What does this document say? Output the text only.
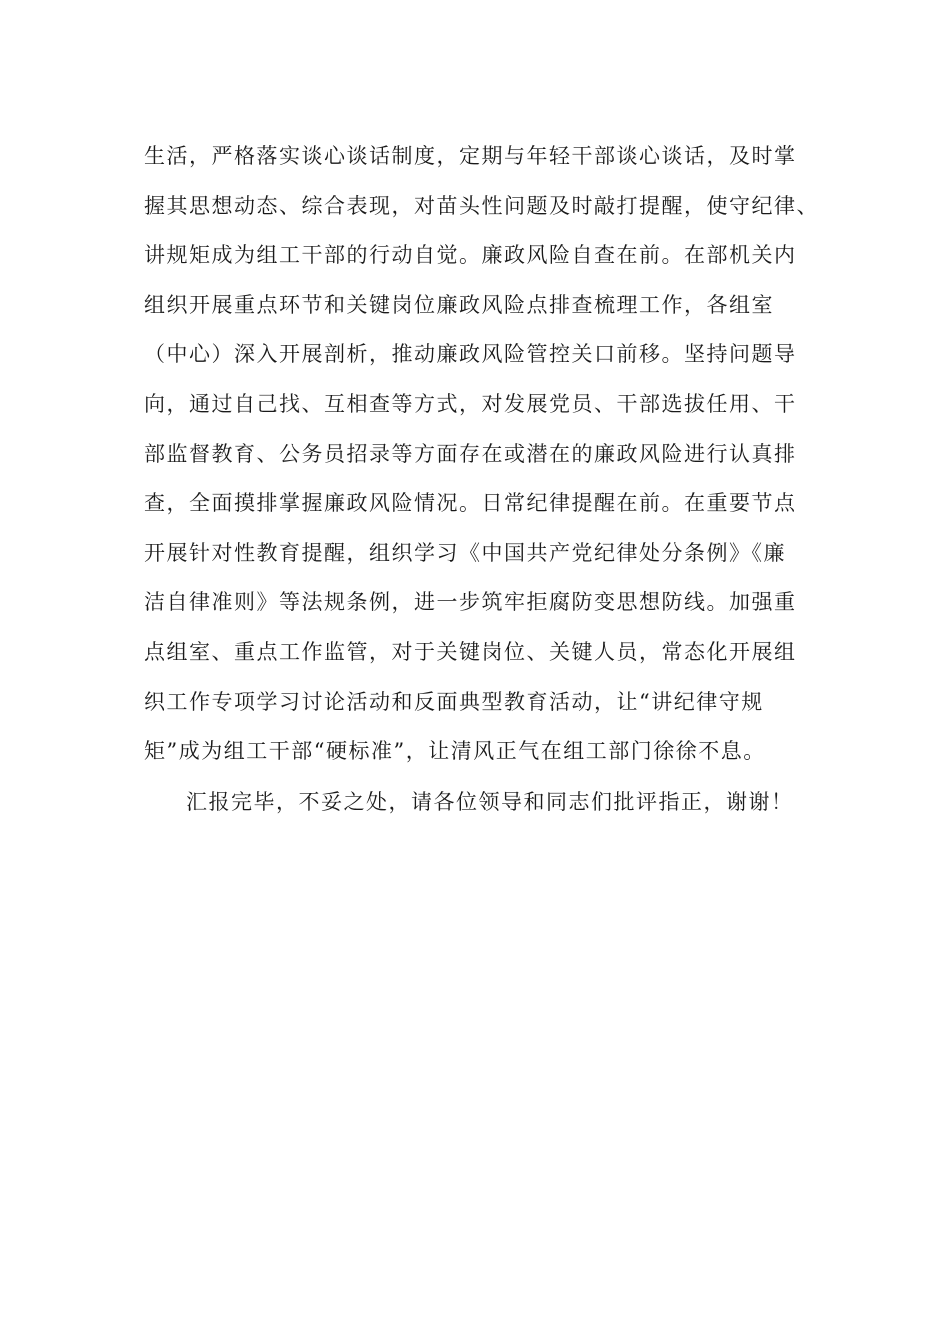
生活，严格落实谈心谈话制度，定期与年轻干部谈心谈话，及时掌
握其思想动态、综合表现，对苗头性问题及时敲打提醒，使守纪律、
讲规矩成为组工干部的行动自觉。廉政风险自查在前。在部机关内
组织开展重点环节和关键岗位廉政风险点排查梳理工作，各组室
（中心）深入开展剖析，推动廉政风险管控关口前移。坚持问题导
向，通过自己找、互相查等方式，对发展党员、干部选拔任用、干
部监督教育、公务员招录等方面存在或潜在的廉政风险进行认真排
查，全面摸排掌握廉政风险情况。日常纪律提醒在前。在重要节点
开展针对性教育提醒，组织学习《中国共产党纪律处分条例》《廉
洁自律准则》等法规条例，进一步筑牢拒腐防变思想防线。加强重
点组室、重点工作监管，对于关键岗位、关键人员，常态化开展组
织工作专项学习讨论活动和反面典型教育活动，让“讲纪律守规
矩”成为组工干部“硬标准”，让清风正气在组工部门徐徐不息。
汇报完毕，不妥之处，请各位领导和同志们批评指正，谢谢！
